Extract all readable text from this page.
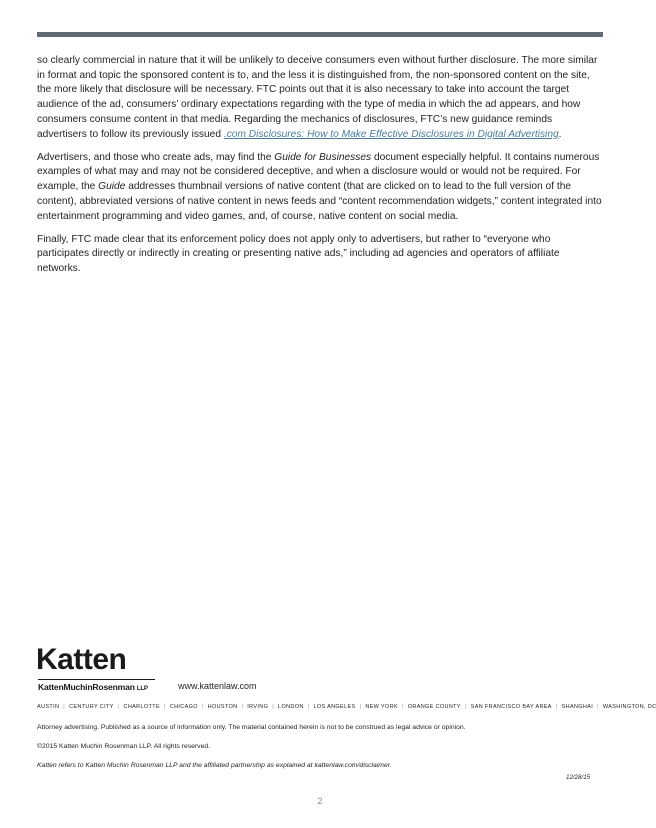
so clearly commercial in nature that it will be unlikely to deceive consumers even without further disclosure. The more similar in format and topic the sponsored content is to, and the less it is distinguished from, the non-sponsored content on the site, the more likely that disclosure will be necessary. FTC points out that it is also necessary to take into account the target audience of the ad, consumers’ ordinary expectations regarding with the type of media in which the ad appears, and how consumers consume content in that media. Regarding the mechanics of disclosures, FTC’s new guidance reminds advertisers to follow its previously issued .com Disclosures: How to Make Effective Disclosures in Digital Advertising.

Advertisers, and those who create ads, may find the Guide for Businesses document especially helpful. It contains numerous examples of what may and may not be considered deceptive, and when a disclosure would or would not be required. For example, the Guide addresses thumbnail versions of native content (that are clicked on to lead to the full version of the content), abbreviated versions of native content in news feeds and “content recommendation widgets,” content integrated into entertainment programming and video games, and, of course, native content on social media.

Finally, FTC made clear that its enforcement policy does not apply only to advertisers, but rather to “everyone who participates directly or indirectly in creating or presenting native ads,” including ad agencies and operators of affiliate networks.

Katten
KattenMuchinRosenman LLP	www.kattenlaw.com
AUSTIN | CENTURY CITY | CHARLOTTE | CHICAGO | HOUSTON | IRVING | LONDON | LOS ANGELES | NEW YORK | ORANGE COUNTY | SAN FRANCISCO BAY AREA | SHANGHAI | WASHINGTON, DC
Attorney advertising. Published as a source of information only. The material contained herein is not to be construed as legal advice or opinion.
©2015 Katten Muchin Rosenman LLP. All rights reserved.
Katten refers to Katten Muchin Rosenman LLP and the affiliated partnership as explained at kattenlaw.com/disclaimer.
12/28/15
2
